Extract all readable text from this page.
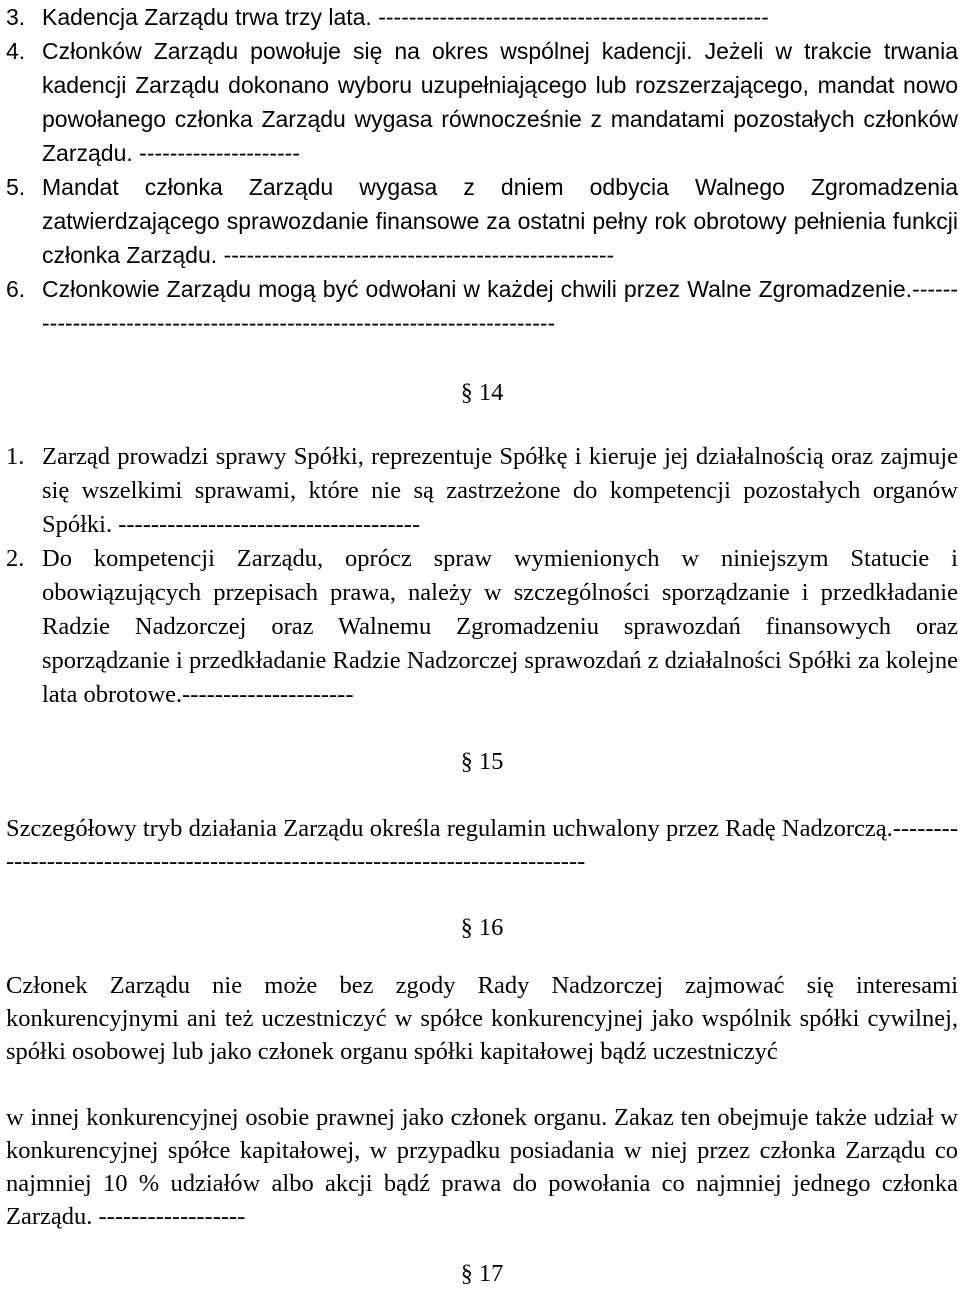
3. Kadencja Zarządu trwa trzy lata. ---------------------------------------------------
4. Członków Zarządu powołuje się na okres wspólnej kadencji. Jeżeli w trakcie trwania kadencji Zarządu dokonano wyboru uzupełniającego lub rozszerzającego, mandat nowo powołanego członka Zarządu wygasa równocześnie z mandatami pozostałych członków Zarządu. ---------------------
5. Mandat członka Zarządu wygasa z dniem odbycia Walnego Zgromadzenia zatwierdzającego sprawozdanie finansowe za ostatni pełny rok obrotowy pełnienia funkcji członka Zarządu. ---------------------------------------------------
6. Członkowie Zarządu mogą być odwołani w każdej chwili przez Walne Zgromadzenie.-------------------------------------------------------------------------
§ 14
1. Zarząd prowadzi sprawy Spółki, reprezentuje Spółkę i kieruje jej działalnością oraz zajmuje się wszelkimi sprawami, które nie są zastrzeżone do kompetencji pozostałych organów Spółki. -------------------------------------
2. Do kompetencji Zarządu, oprócz spraw wymienionych w niniejszym Statucie i obowiązujących przepisach prawa, należy w szczególności sporządzanie i przedkładanie Radzie Nadzorczej oraz Walnemu Zgromadzeniu sprawozdań finansowych oraz sporządzanie i przedkładanie Radzie Nadzorczej sprawozdań z działalności Spółki za kolejne lata obrotowe.---------------------
§ 15
Szczegółowy tryb działania Zarządu określa regulamin uchwalony przez Radę Nadzorczą.-------------------------------------------------------------------------------
§ 16
Członek Zarządu nie może bez zgody Rady Nadzorczej zajmować się interesami konkurencyjnymi ani też uczestniczyć w spółce konkurencyjnej jako wspólnik spółki cywilnej, spółki osobowej lub jako członek organu spółki kapitałowej bądź uczestniczyć
w innej konkurencyjnej osobie prawnej jako członek organu. Zakaz ten obejmuje także udział w konkurencyjnej spółce kapitałowej, w przypadku posiadania w niej przez członka Zarządu co najmniej 10 % udziałów albo akcji bądź prawa do powołania co najmniej jednego członka Zarządu. ------------------
§ 17
